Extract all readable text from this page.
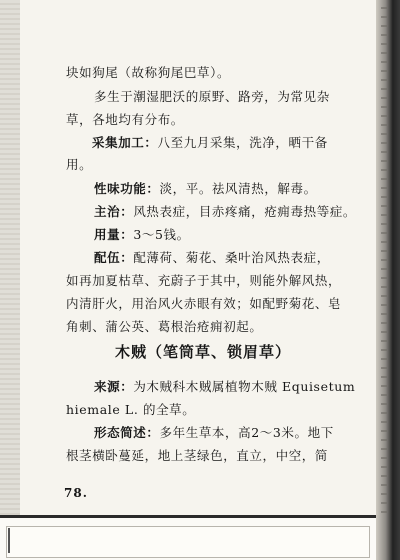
块如狗尾（故称狗尾巴草）。
多生于潮湿肥沃的原野、路旁，为常见杂
草，各地均有分布。
采集加工：八至九月采集，洗净，晒干备
用。
性味功能：淡，平。祛风清热，解毒。
主治：风热表症，目赤疼痛，疮痈毒热等症。
用量：3～5钱。
配伍：配薄荷、菊花、桑叶治风热表症，
如再加夏枯草、充蔚子于其中，则能外解风热，
内清肝火，用治风火赤眼有效；如配野菊花、皂
角刺、蒲公英、葛根治疮痈初起。
木贼（笔筒草、锁眉草）
来源：为木贼科木贼属植物木贼 Equisetum
hiemale L. 的全草。
形态简述：多年生草本，高2～3米。地下
根茎横卧蔓延，地上茎绿色，直立，中空，简
78.
